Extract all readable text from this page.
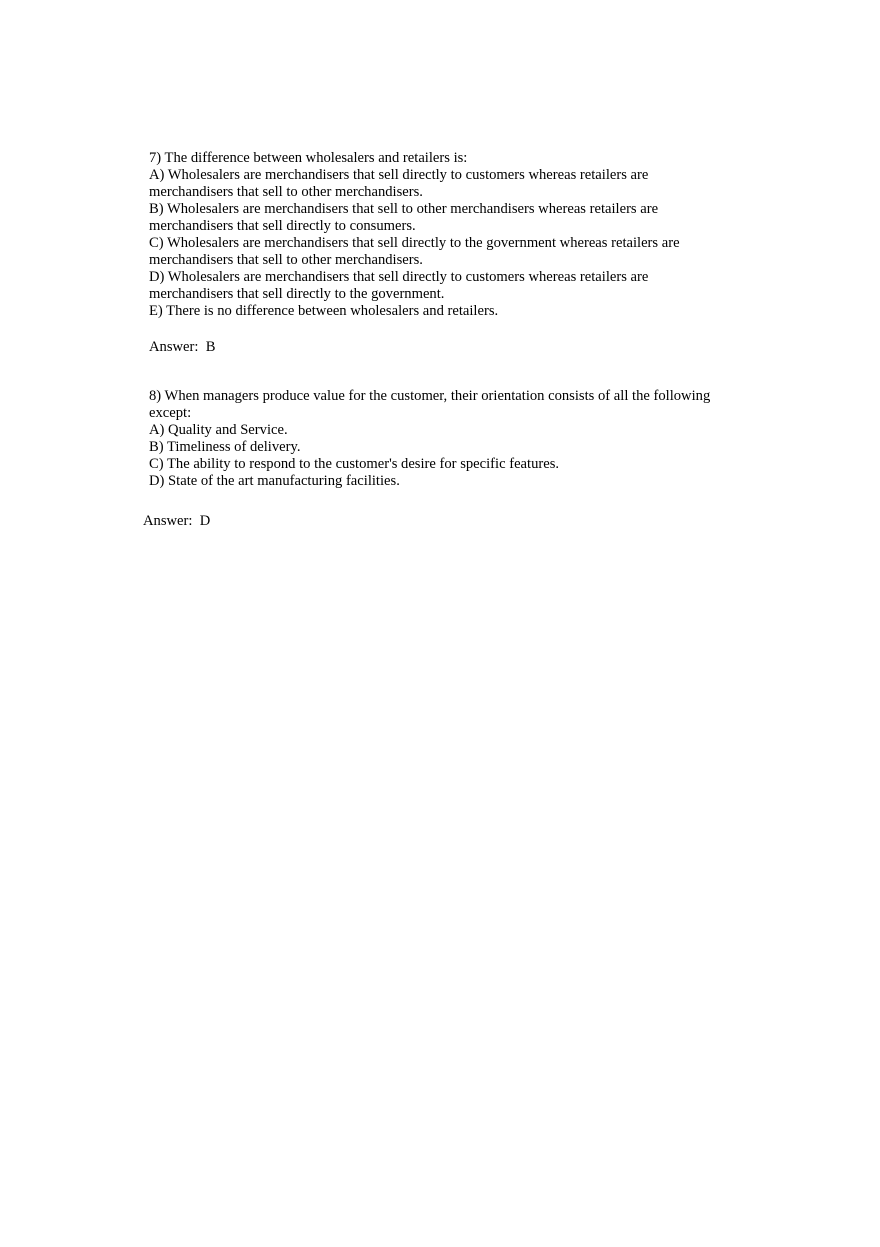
7) The difference between wholesalers and retailers is:
A) Wholesalers are merchandisers that sell directly to customers whereas retailers are
merchandisers that sell to other merchandisers.
B) Wholesalers are merchandisers that sell to other merchandisers whereas retailers are
merchandisers that sell directly to consumers.
C) Wholesalers are merchandisers that sell directly to the government whereas retailers are
merchandisers that sell to other merchandisers.
D) Wholesalers are merchandisers that sell directly to customers whereas retailers are
merchandisers that sell directly to the government.
E) There is no difference between wholesalers and retailers.
Answer:  B
8) When managers produce value for the customer, their orientation consists of all the following
except:
A) Quality and Service.
B) Timeliness of delivery.
C) The ability to respond to the customer's desire for specific features.
D) State of the art manufacturing facilities.
Answer:  D
